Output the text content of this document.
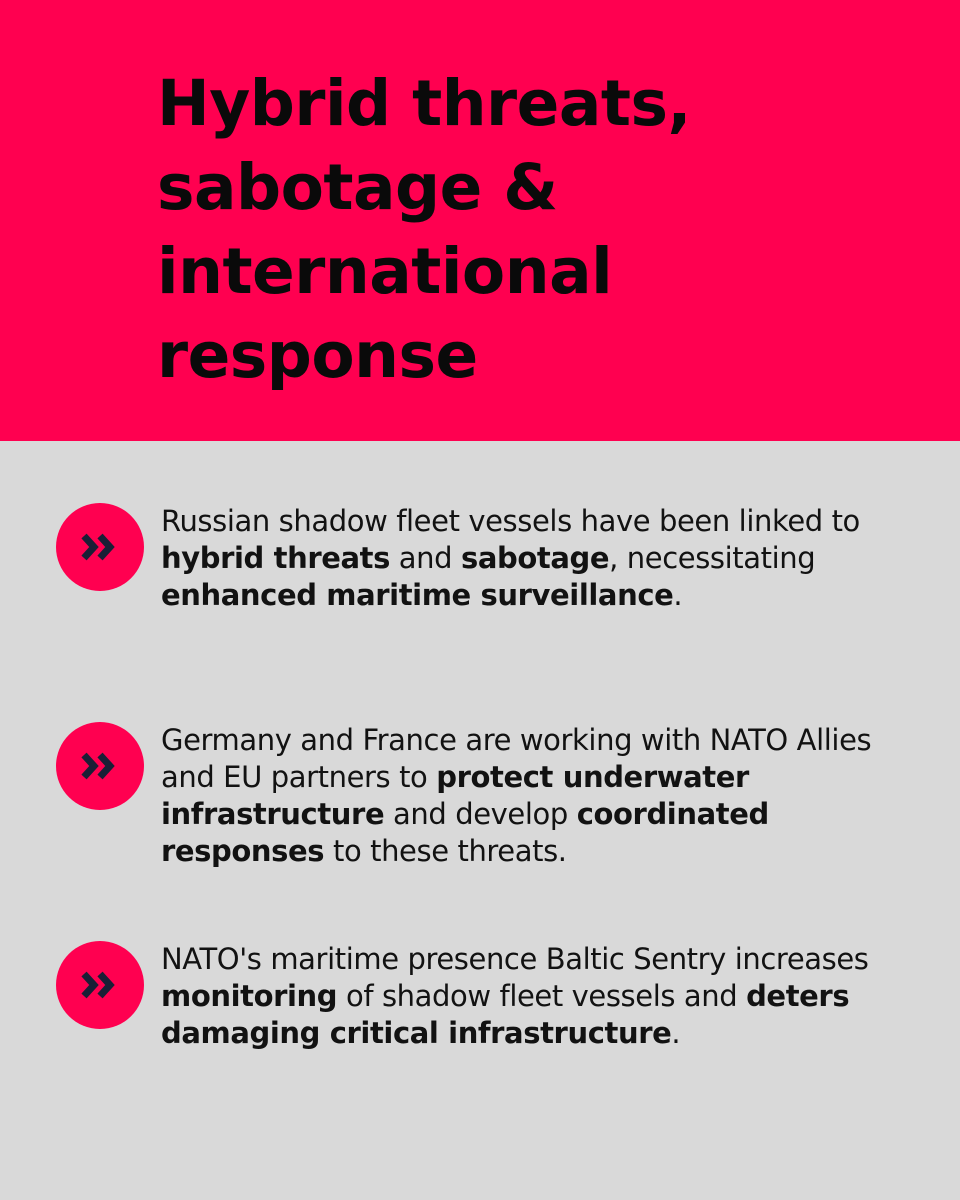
Hybrid threats,
sabotage &
international
response

Russian shadow fleet vessels have been linked to hybrid threats and sabotage, necessitating enhanced maritime surveillance.

Germany and France are working with NATO Allies and EU partners to protect underwater infrastructure and develop coordinated responses to these threats.

NATO's maritime presence Baltic Sentry increases monitoring of shadow fleet vessels and deters damaging critical infrastructure.
